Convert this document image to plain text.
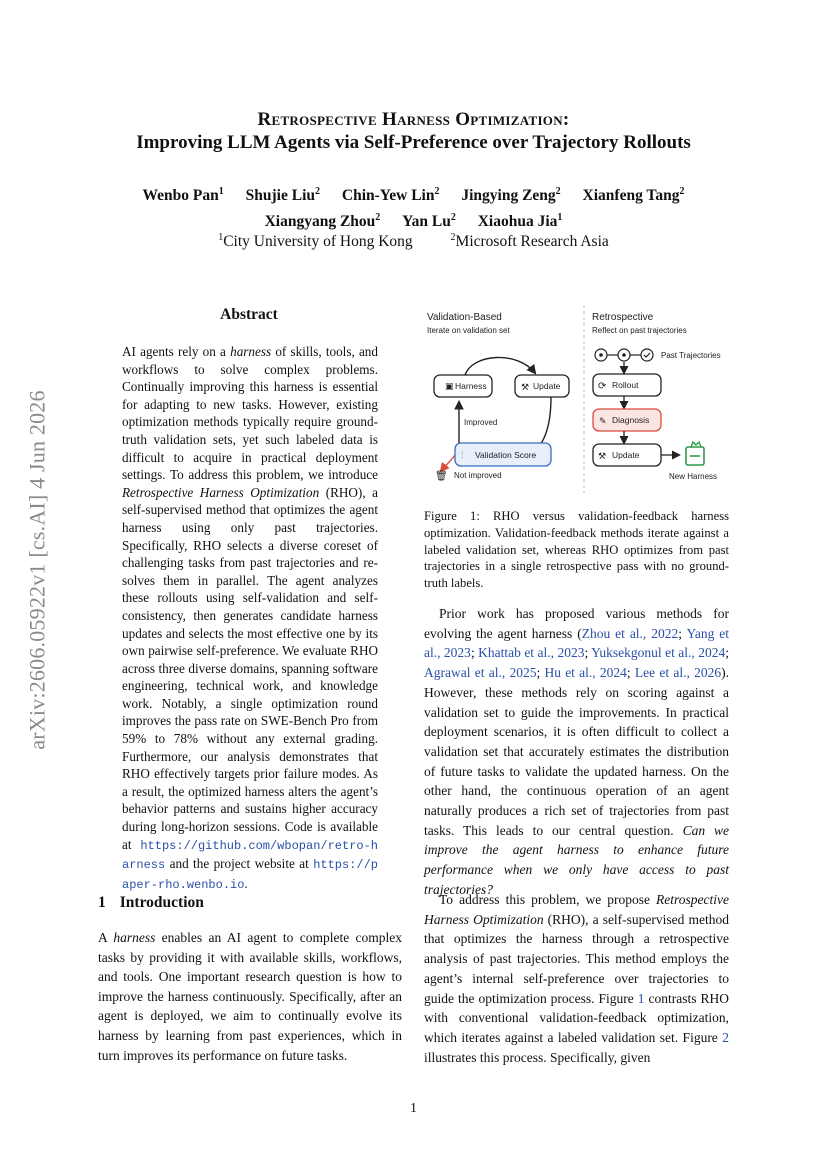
arXiv:2606.05922v1 [cs.AI] 4 Jun 2026
Retrospective Harness Optimization:
Improving LLM Agents via Self-Preference over Trajectory Rollouts
Wenbo Pan$^1$ Shujie Liu$^2$ Chin-Yew Lin$^2$ Jingying Zeng$^2$ Xianfeng Tang$^2$
Xiangyang Zhou$^2$ Yan Lu$^2$ Xiaohua Jia$^1$
$^1$City University of Hong Kong	$^2$Microsoft Research Asia
Abstract
AI agents rely on a harness of skills, tools, and workflows to solve complex problems. Continually improving this harness is essential for adapting to new tasks. However, existing optimization methods typically require ground-truth validation sets, yet such labeled data is difficult to acquire in practical deployment settings. To address this problem, we introduce Retrospective Harness Optimization (RHO), a self-supervised method that optimizes the agent harness using only past trajectories. Specifically, RHO selects a diverse coreset of challenging tasks from past trajectories and re-solves them in parallel. The agent analyzes these rollouts using self-validation and self-consistency, then generates candidate harness updates and selects the most effective one by its own pairwise self-preference. We evaluate RHO across three diverse domains, spanning software engineering, technical work, and knowledge work. Notably, a single optimization round improves the pass rate on SWE-Bench Pro from 59% to 78% without any external grading. Furthermore, our analysis demonstrates that RHO effectively targets prior failure modes. As a result, the optimized harness alters the agent’s behavior patterns and sustains higher accuracy during long-horizon sessions. Code is available at https://github.com/wbopan/retro-harness and the project website at https://paper-rho.wenbo.io.
1 Introduction
A harness enables an AI agent to complete complex tasks by providing it with available skills, workflows, and tools. One important research question is how to improve the harness continuously. Specifically, after an agent is deployed, we aim to continually evolve its harness by learning from past experiences, which in turn improves its performance on future tasks.
Validation-Based
Iterate on validation set
Retrospective
Reflect on past trajectories
▣ Harness	⚒ Update
Improved
⫶ Validation Score
🗑 Not improved
Past Trajectories
⟳ Rollout
✎ Diagnosis
⚒ Update
New Harness
Figure 1: RHO versus validation-feedback harness optimization. Validation-feedback methods iterate against a labeled validation set, whereas RHO optimizes from past trajectories in a single retrospective pass with no ground-truth labels.
Prior work has proposed various methods for evolving the agent harness (Zhou et al., 2022; Yang et al., 2023; Khattab et al., 2023; Yuksekgonul et al., 2024; Agrawal et al., 2025; Hu et al., 2024; Lee et al., 2026). However, these methods rely on scoring against a validation set to guide the improvements. In practical deployment scenarios, it is often difficult to collect a validation set that accurately estimates the distribution of future tasks to validate the updated harness. On the other hand, the continuous operation of an agent naturally produces a rich set of trajectories from past tasks. This leads to our central question. Can we improve the agent harness to enhance future performance when we only have access to past trajectories?
To address this problem, we propose Retrospective Harness Optimization (RHO), a self-supervised method that optimizes the harness through a retrospective analysis of past trajectories. This method employs the agent’s internal self-preference over trajectories to guide the optimization process. Figure 1 contrasts RHO with conventional validation-feedback optimization, which iterates against a labeled validation set. Figure 2 illustrates this process. Specifically, given
1
